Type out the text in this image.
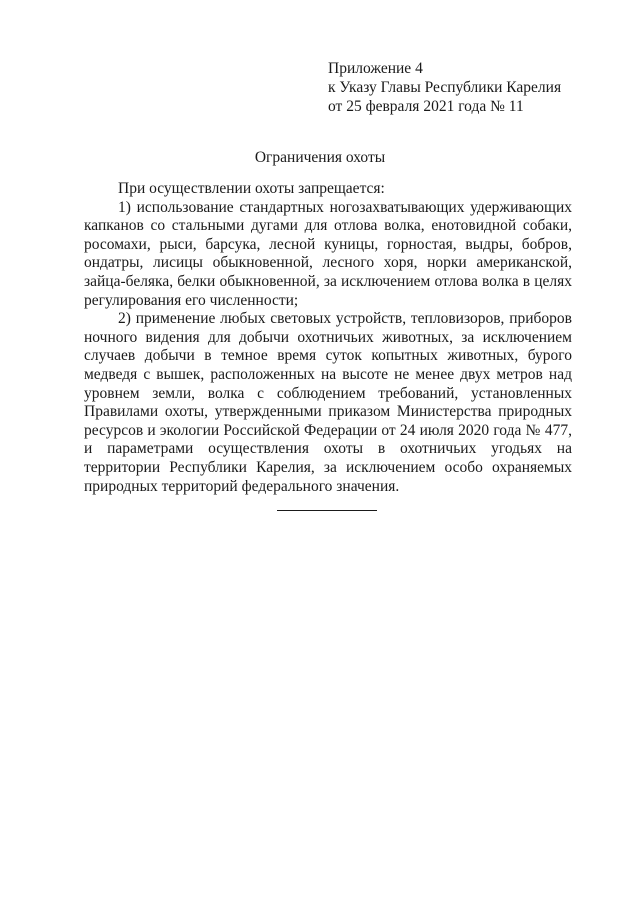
Приложение 4
к Указу Главы Республики Карелия
от 25 февраля 2021 года № 11
Ограничения охоты

При осуществлении охоты запрещается:

1) использование стандартных ногозахватывающих удерживающих капканов со стальными дугами для отлова волка, енотовидной собаки, росомахи, рыси, барсука, лесной куницы, горностая, выдры, бобров, ондатры, лисицы обыкновенной, лесного хоря, норки американской, зайца-беляка, белки обыкновенной, за исключением отлова волка в целях регулирования его численности;

2) применение любых световых устройств, тепловизоров, приборов ночного видения для добычи охотничьих животных, за исключением случаев добычи в темное время суток копытных животных, бурого медведя с вышек, расположенных на высоте не менее двух метров над уровнем земли, волка с соблюдением требований, установленных Правилами охоты, утвержденными приказом Министерства природных ресурсов и экологии Российской Федерации от 24 июля 2020 года № 477, и параметрами осуществления охоты в охотничьих угодьях на территории Республики Карелия, за исключением особо охраняемых природных территорий федерального значения.
